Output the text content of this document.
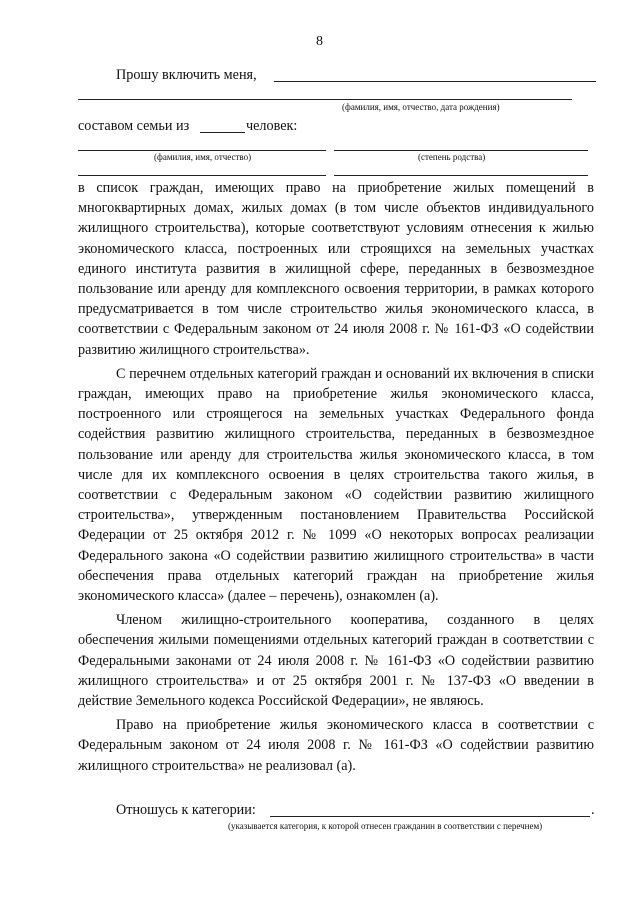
8
Прошу включить меня,
(фамилия, имя, отчество, дата рождения)
составом семьи из	человек:
(фамилия, имя, отчество)	(степень родства)

в список граждан, имеющих право на приобретение жилых помещений в многоквартирных домах, жилых домах (в том числе объектов индивидуального жилищного строительства), которые соответствуют условиям отнесения к жилью экономического класса, построенных или строящихся на земельных участках единого института развития в жилищной сфере, переданных в безвозмездное пользование или аренду для комплексного освоения территории, в рамках которого предусматривается в том числе строительство жилья экономического класса, в соответствии с Федеральным законом от 24 июля 2008 г. № 161-ФЗ «О содействии развитию жилищного строительства».

С перечнем отдельных категорий граждан и оснований их включения в списки граждан, имеющих право на приобретение жилья экономического класса, построенного или строящегося на земельных участках Федерального фонда содействия развитию жилищного строительства, переданных в безвозмездное пользование или аренду для строительства жилья экономического класса, в том числе для их комплексного освоения в целях строительства такого жилья, в соответствии с Федеральным законом «О содействии развитию жилищного строительства», утвержденным постановлением Правительства Российской Федерации от 25 октября 2012 г. № 1099 «О некоторых вопросах реализации Федерального закона «О содействии развитию жилищного строительства» в части обеспечения права отдельных категорий граждан на приобретение жилья экономического класса» (далее – перечень), ознакомлен (а).

Членом жилищно-строительного кооператива, созданного в целях обеспечения жилыми помещениями отдельных категорий граждан в соответствии с Федеральными законами от 24 июля 2008 г. № 161-ФЗ «О содействии развитию жилищного строительства» и от 25 октября 2001 г. № 137-ФЗ «О введении в действие Земельного кодекса Российской Федерации», не являюсь.

Право на приобретение жилья экономического класса в соответствии с Федеральным законом от 24 июля 2008 г. № 161-ФЗ «О содействии развитию жилищного строительства» не реализовал (а).

Отношусь к категории:	.
(указывается категория, к которой отнесен гражданин в соответствии с перечнем)
